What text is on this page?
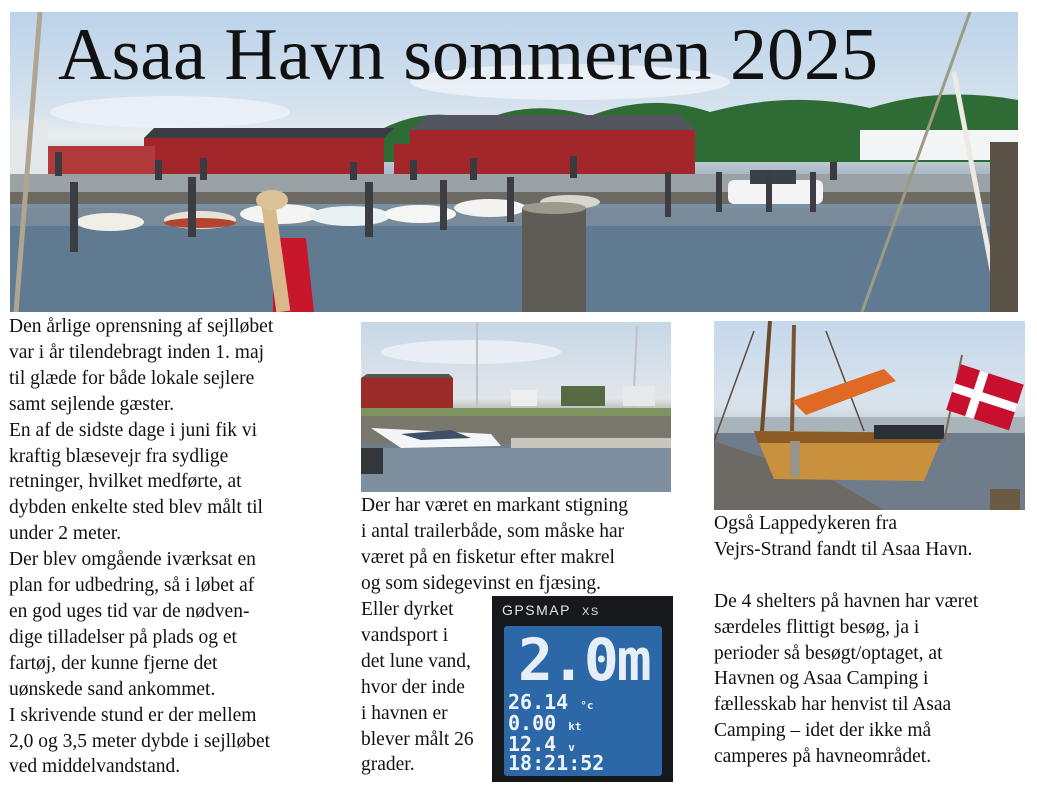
Asaa Havn sommeren 2025
Den årlige oprensning af sejlløbet
var i år tilendebragt inden 1. maj
til glæde for både lokale sejlere
samt sejlende gæster.
En af de sidste dage i juni fik vi
kraftig blæsevejr fra sydlige
retninger, hvilket medførte, at
dybden enkelte sted blev målt til
under 2 meter.
Der blev omgående iværksat en
plan for udbedring, så i løbet af
en god uges tid var de nødven-
dige tilladelser på plads og et
fartøj, der kunne fjerne det
uønskede sand ankommet.
I skrivende stund er der mellem
2,0 og 3,5 meter dybde i sejlløbet
ved middelvandstand.
Der har været en markant stigning
i antal trailerbåde, som måske har
været på en fisketur efter makrel
og som sidegevinst en fjæsing.
Eller dyrket
vandsport i
det lune vand,
hvor der inde
i havnen er
blever målt 26
grader.
GPSMAP XS
2.0m
26.14 °c
0.00 kt
12.4 v
18:21:52
Også Lappedykeren fra
Vejrs-Strand fandt til Asaa Havn.

De 4 shelters på havnen har været
særdeles flittigt besøg, ja i
perioder så besøgt/optaget, at
Havnen og Asaa Camping i
fællesskab har henvist til Asaa
Camping – idet der ikke må
camperes på havneområdet.
